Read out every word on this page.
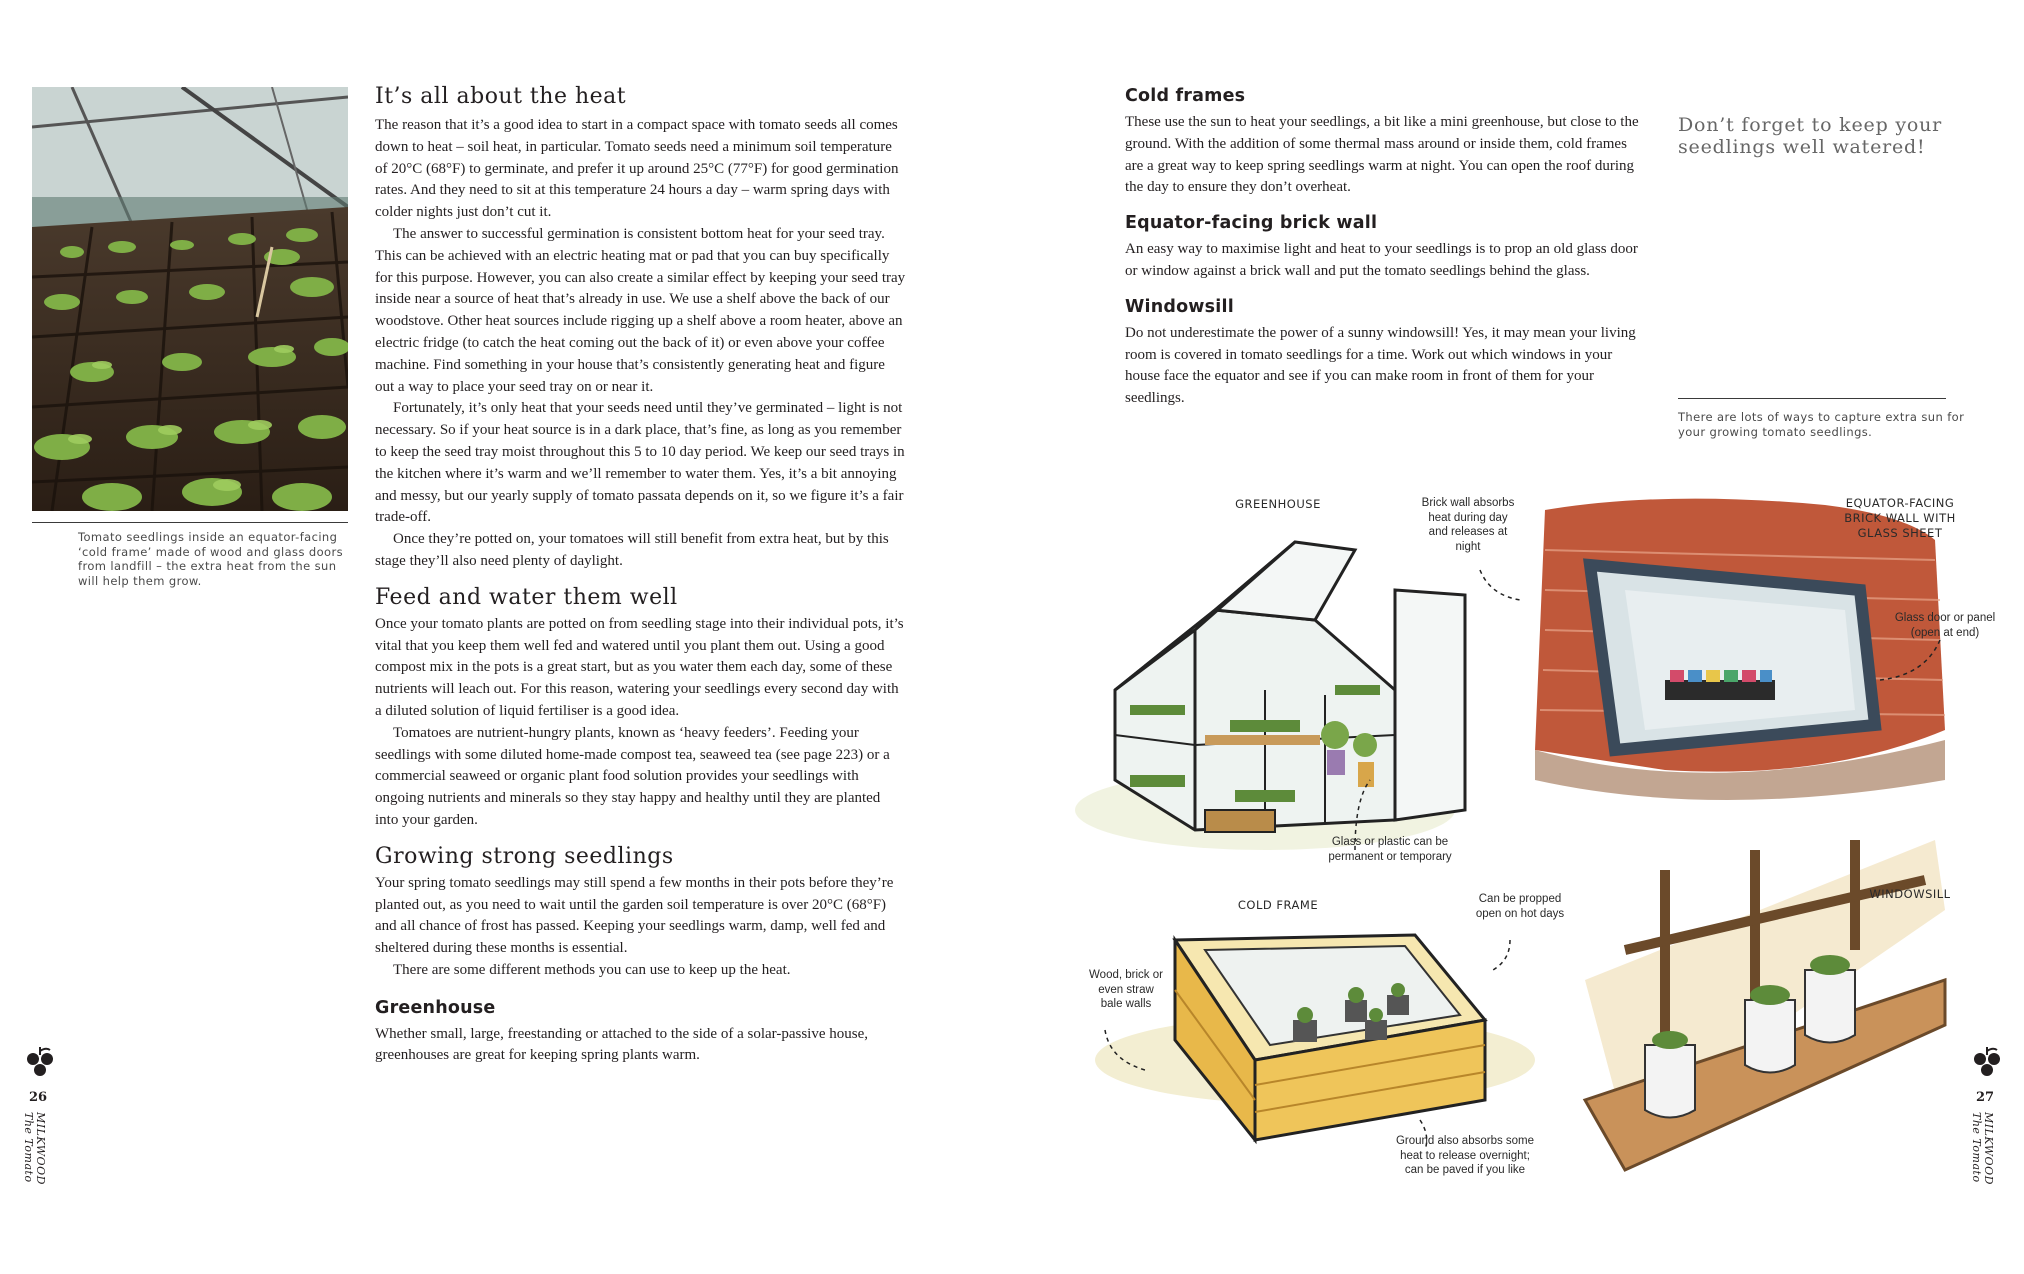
Tomato seedlings inside an equator-facing ‘cold frame’ made of wood and glass doors from landfill – the extra heat from the sun will help them grow.
It’s all about the heat

The reason that it’s a good idea to start in a compact space with tomato seeds all comes down to heat – soil heat, in particular. Tomato seeds need a minimum soil temperature of 20°C (68°F) to germinate, and prefer it up around 25°C (77°F) for good germination rates. And they need to sit at this temperature 24 hours a day – warm spring days with colder nights just don’t cut it.

The answer to successful germination is consistent bottom heat for your seed tray. This can be achieved with an electric heating mat or pad that you can buy specifically for this purpose. However, you can also create a similar effect by keeping your seed tray inside near a source of heat that’s already in use. We use a shelf above the back of our woodstove. Other heat sources include rigging up a shelf above a room heater, above an electric fridge (to catch the heat coming out the back of it) or even above your coffee machine. Find something in your house that’s consistently generating heat and figure out a way to place your seed tray on or near it.

Fortunately, it’s only heat that your seeds need until they’ve germinated – light is not necessary. So if your heat source is in a dark place, that’s fine, as long as you remember to keep the seed tray moist throughout this 5 to 10 day period. We keep our seed trays in the kitchen where it’s warm and we’ll remember to water them. Yes, it’s a bit annoying and messy, but our yearly supply of tomato passata depends on it, so we figure it’s a fair trade-off.

Once they’re potted on, your tomatoes will still benefit from extra heat, but by this stage they’ll also need plenty of daylight.

Feed and water them well

Once your tomato plants are potted on from seedling stage into their individual pots, it’s vital that you keep them well fed and watered until you plant them out. Using a good compost mix in the pots is a great start, but as you water them each day, some of these nutrients will leach out. For this reason, watering your seedlings every second day with a diluted solution of liquid fertiliser is a good idea.

Tomatoes are nutrient-hungry plants, known as ‘heavy feeders’. Feeding your seedlings with some diluted home-made compost tea, seaweed tea (see page 223) or a commercial seaweed or organic plant food solution provides your seedlings with ongoing nutrients and minerals so they stay happy and healthy until they are planted into your garden.

Growing strong seedlings

Your spring tomato seedlings may still spend a few months in their pots before they’re planted out, as you need to wait until the garden soil temperature is over 20°C (68°F) and all chance of frost has passed. Keeping your seedlings warm, damp, well fed and sheltered during these months is essential.

There are some different methods you can use to keep up the heat.

Greenhouse

Whether small, large, freestanding or attached to the side of a solar-passive house, greenhouses are great for keeping spring plants warm.

26
MILKWOOD The Tomato
Cold frames

These use the sun to heat your seedlings, a bit like a mini greenhouse, but close to the ground. With the addition of some thermal mass around or inside them, cold frames are a great way to keep spring seedlings warm at night. You can open the roof during the day to ensure they don’t overheat.

Equator-facing brick wall

An easy way to maximise light and heat to your seedlings is to prop an old glass door or window against a brick wall and put the tomato seedlings behind the glass.

Windowsill

Do not underestimate the power of a sunny windowsill! Yes, it may mean your living room is covered in tomato seedlings for a time. Work out which windows in your house face the equator and see if you can make room in front of them for your seedlings.

Don’t forget to keep your seedlings well watered!
There are lots of ways to capture extra sun for your growing tomato seedlings.
GREENHOUSE	Brick wall absorbs heat during day and releases at night
EQUATOR-FACING BRICK WALL WITH GLASS SHEET
Glass door or panel (open at end)
Glass or plastic can be permanent or temporary
COLD FRAME	Can be propped open on hot days
WINDOWSILL
Wood, brick or even straw bale walls
Ground also absorbs some heat to release overnight; can be paved if you like
27
MILKWOOD The Tomato
